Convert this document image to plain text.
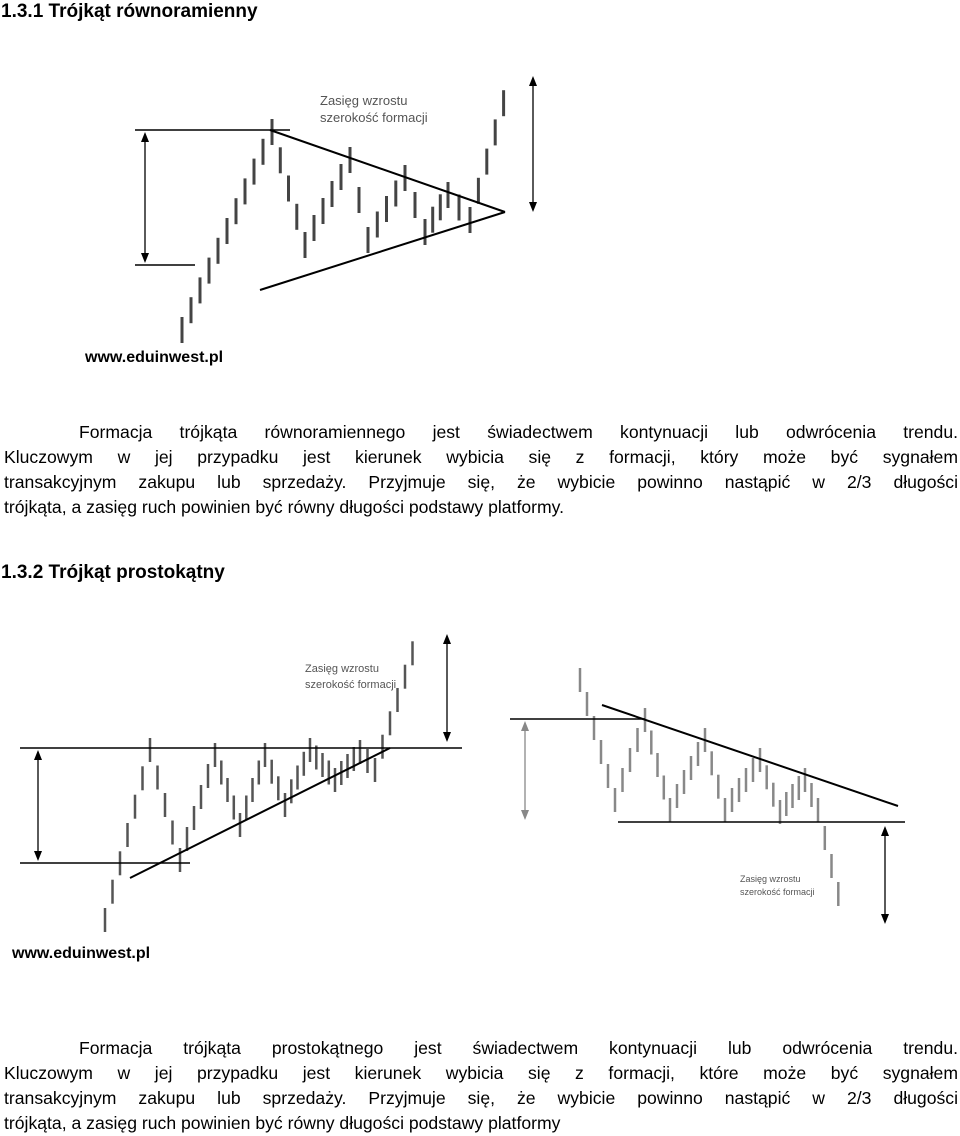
1.3.1 Trójkąt równoramienny
Zasięg wzrostu
szerokość formacji
www.eduinwest.pl
Formacja trójkąta równoramiennego jest świadectwem kontynuacji lub odwrócenia trendu.
Kluczowym w jej przypadku jest kierunek wybicia się z formacji, który może być sygnałem
transakcyjnym zakupu lub sprzedaży. Przyjmuje się, że wybicie powinno nastąpić w 2/3 długości
trójkąta, a zasięg ruch powinien być równy długości podstawy platformy.
1.3.2 Trójkąt prostokątny
Zasięg wzrostu
szerokość formacji
www.eduinwest.pl
Zasięg wzrostu
szerokość formacji
Formacja trójkąta prostokątnego jest świadectwem kontynuacji lub odwrócenia trendu.
Kluczowym w jej przypadku jest kierunek wybicia się z formacji, które może być sygnałem
transakcyjnym zakupu lub sprzedaży. Przyjmuje się, że wybicie powinno nastąpić w 2/3 długości
trójkąta, a zasięg ruch powinien być równy długości podstawy platformy
